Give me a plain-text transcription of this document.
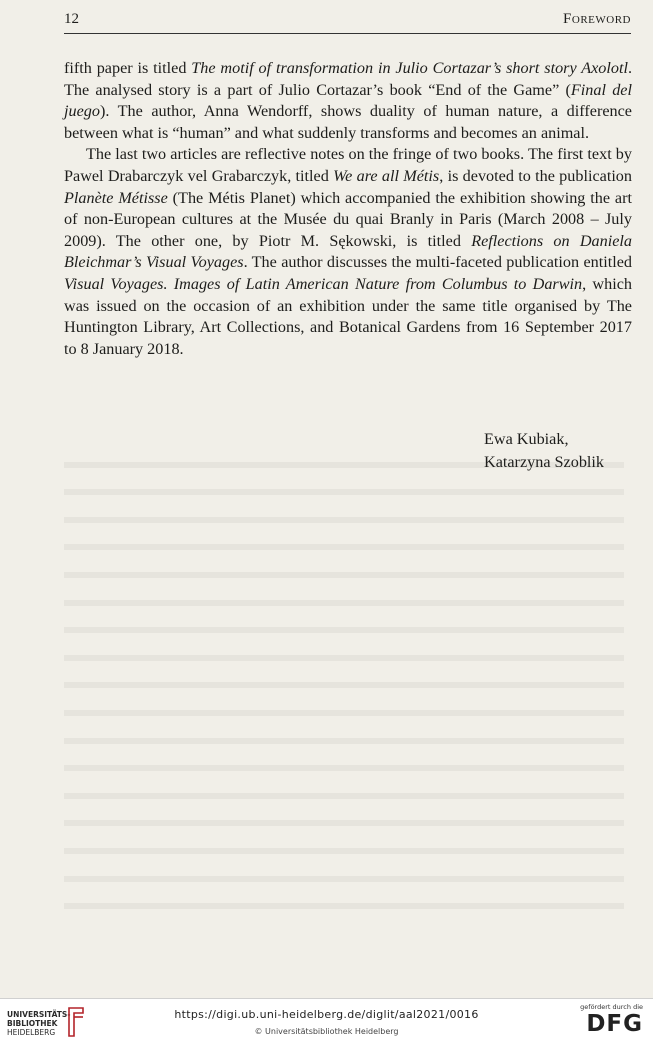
12	Foreword

fifth paper is titled The motif of transformation in Julio Cortazar’s short story Axolotl. The analysed story is a part of Julio Cortazar’s book “End of the Game” (Final del juego). The author, Anna Wendorff, shows duality of human nature, a difference between what is “human” and what suddenly transforms and becomes an animal.

The last two articles are reflective notes on the fringe of two books. The first text by Pawel Drabarczyk vel Grabarczyk, titled We are all Métis, is devoted to the publication Planète Métisse (The Métis Planet) which accompanied the exhibition showing the art of non-European cultures at the Musée du quai Branly in Paris (March 2008 – July 2009). The other one, by Piotr M. Sękowski, is titled Reflections on Daniela Bleichmar’s Visual Voyages. The author discusses the multi-faceted publication entitled Visual Voyages. Images of Latin American Nature from Columbus to Darwin, which was issued on the occasion of an exhibition under the same title organised by The Huntington Library, Art Collections, and Botanical Gardens from 16 September 2017 to 8 January 2018.

Ewa Kubiak,
Katarzyna Szoblik
UNIVERSITÄTS-
BIBLIOTHEK
HEIDELBERG
https://digi.ub.uni-heidelberg.de/diglit/aal2021/0016
© Universitätsbibliothek Heidelberg
gefördert durch die
DFG
